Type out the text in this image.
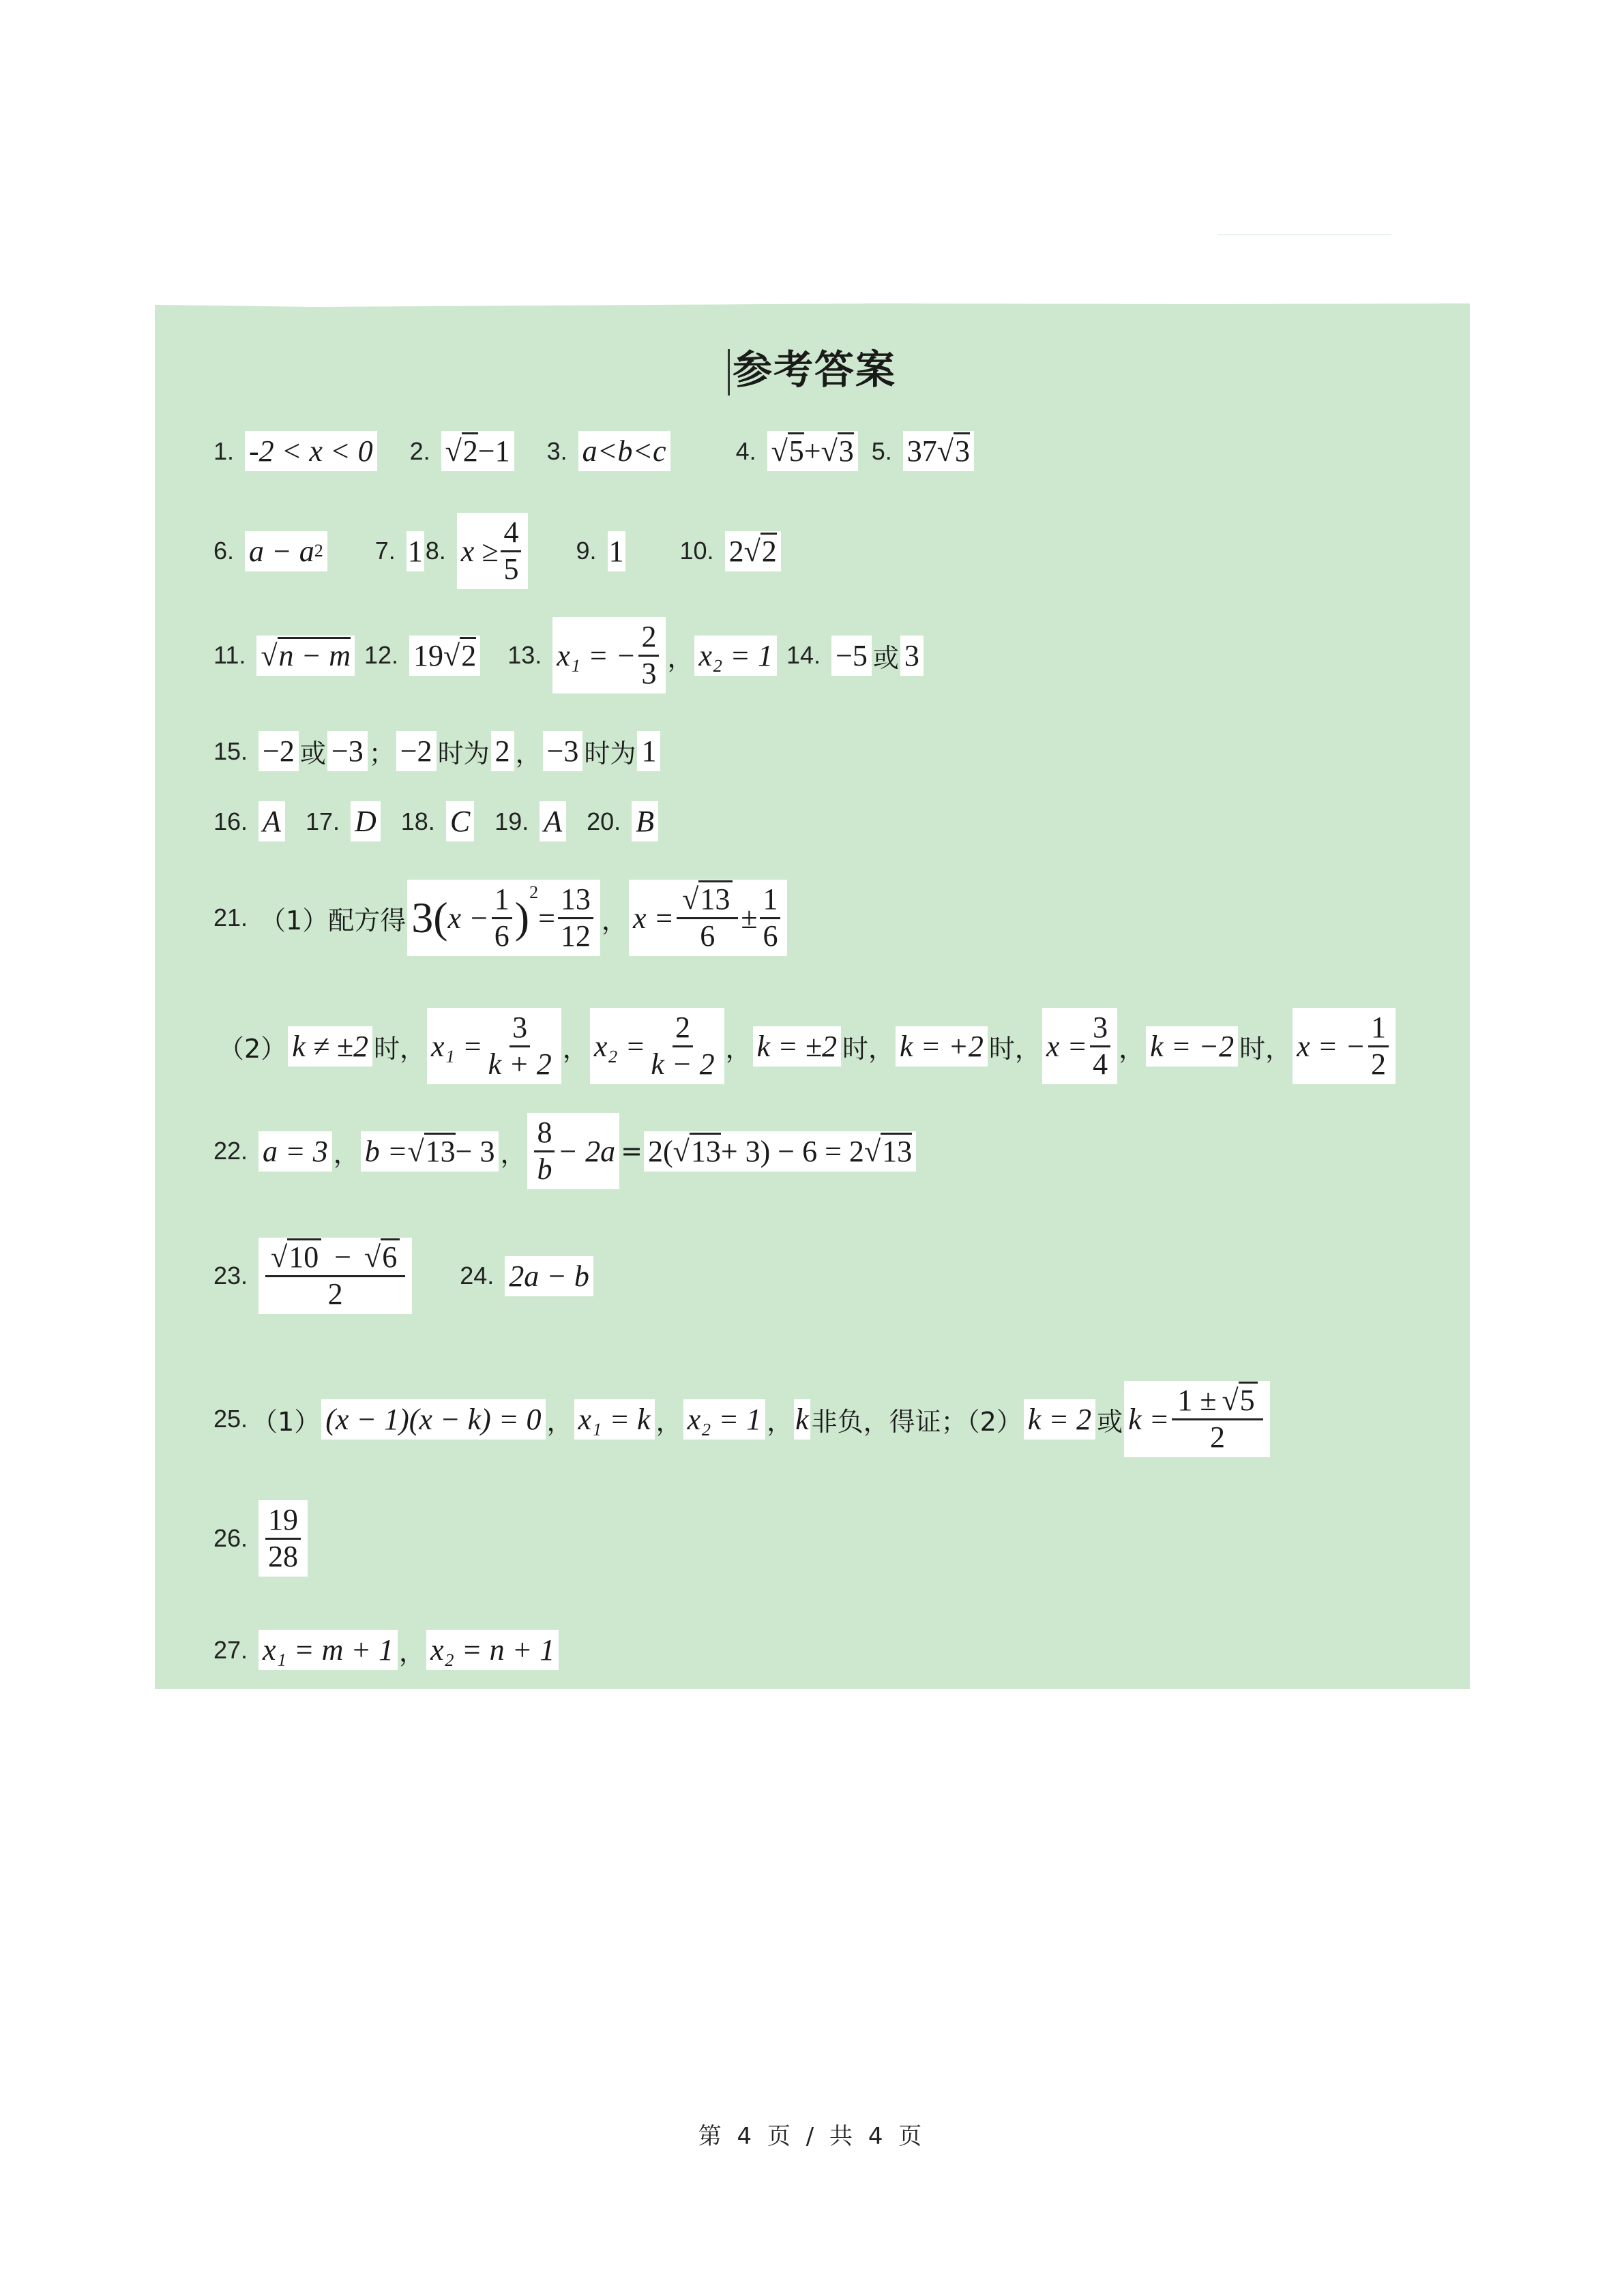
参考答案
1. -2 < x < 0 2. √2 −1 3. a<b<c	4. √5 + √3 5. 37 √3
6. a − a 2 7. 1 8. $x \ge \frac{4}{5} 9$. 1 10. 2 √2
11. √n − m 12. 19 √2 13. x₁ = − $\frac{2}{3}$ ， x₂ = 1 14. −5 或 3
15. −2 或 −3 ； −2 时为 2 ， −3 时为 1
16. A 17. D 18. C 19. A 20. B
21. （1）配方得 3( $x - \frac{1}{6}$ )
$^2$
= $\frac{13}{12}$ ， $x = \frac{√13}{6} \pm \frac{1}{6}$
（2） k ≠ ±2 时， $x_1 = \frac{3}{k + 2}$ ， $x_2 = \frac{2}{k - 2}$ ， k = ±2 时， k = +2 时， $x = \frac{3}{4}$ ， k = −2 时， x = − $\frac{1}{2}$
22. a = 3 ， b = √13 − 3 ， $\frac{8}{b} - 2a = 2$( √13 + 3) − 6 = 2 √13
23. $\frac{√10 - √6}{2} 24$. 2a − b
25. （1） (x − 1)(x − k) = 0 ， x₁ = k ， x₂ = 1 ， k 非负，得证；（2） k = 2 或 $k = \frac{1 \pm √5}{2}$
26. $\frac{19}{28}$
27. x₁ = m + 1 ， x₂ = n + 1
第 4 页 / 共 4 页
